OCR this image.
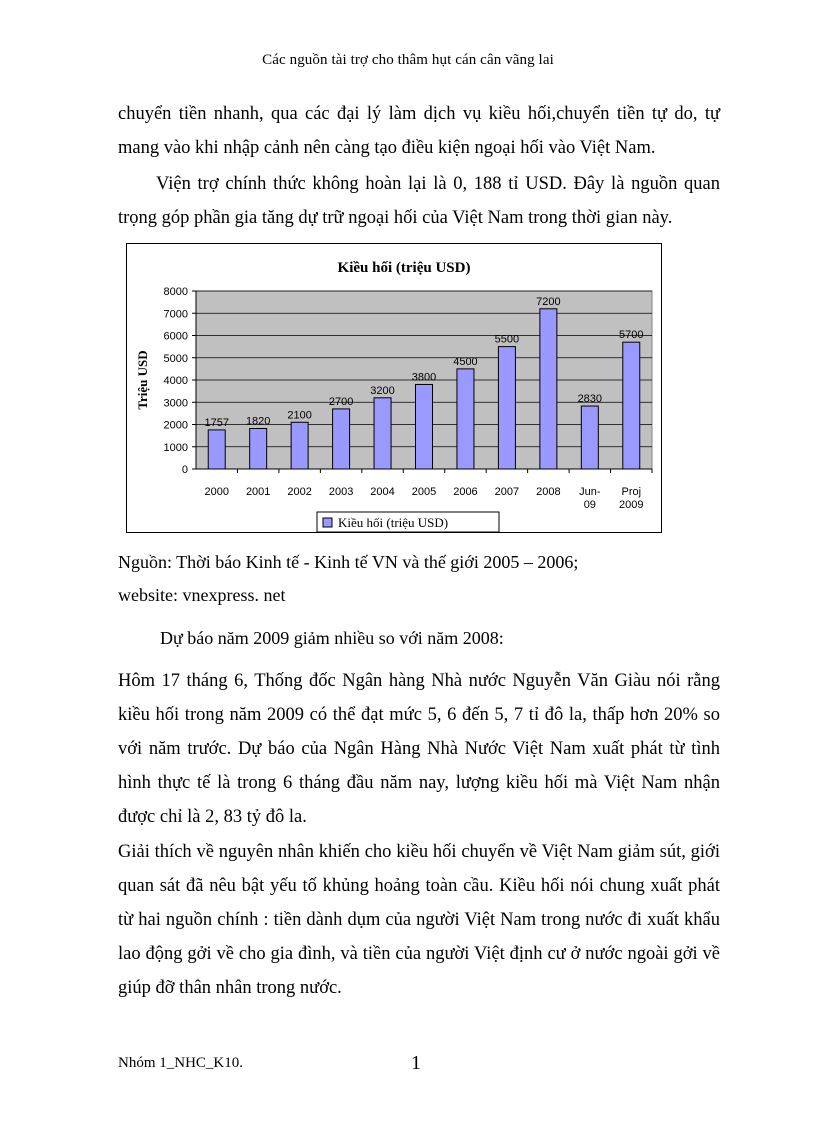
Các nguồn tài trợ cho thâm hụt cán cân vãng lai

chuyển tiền nhanh, qua các đại lý làm dịch vụ kiều hối,chuyển tiền tự do, tự mang vào khi nhập cảnh nên càng tạo điều kiện ngoại hối vào Việt Nam.

Viện trợ chính thức không hoàn lại là 0, 188 tỉ USD. Đây là nguồn quan trọng góp phần gia tăng dự trữ ngoại hối của Việt Nam trong thời gian này.

Kiều hối (triệu USD)
0
1000
2000
3000
4000
5000
6000
7000
8000
Triệu USD
1757
2000
1820
2001
2100
2002
2700
2003
3200
2004
3800
2005
4500
2006
5500
2007
7200
2008
2830
Jun-
09
5700
Proj
2009
Kiều hối (triệu USD)
Nguồn: Thời báo Kinh tế - Kinh tế VN và thế giới 2005 – 2006;
website: vnexpress. net
Dự báo năm 2009 giảm nhiều so với năm 2008:

Hôm 17 tháng 6, Thống đốc Ngân hàng Nhà nước Nguyễn Văn Giàu nói rằng kiều hối trong năm 2009 có thể đạt mức 5, 6 đến 5, 7 tỉ đô la, thấp hơn 20% so với năm trước. Dự báo của Ngân Hàng Nhà Nước Việt Nam xuất phát từ tình hình thực tế là trong 6 tháng đầu năm nay, lượng kiều hối mà Việt Nam nhận được chỉ là 2, 83 tỷ đô la.

Giải thích về nguyên nhân khiến cho kiều hối chuyển về Việt Nam giảm sút, giới quan sát đã nêu bật yếu tố khủng hoảng toàn cầu. Kiều hối nói chung xuất phát từ hai nguồn chính : tiền dành dụm của người Việt Nam trong nước đi xuất khẩu lao động gởi về cho gia đình, và tiền của người Việt định cư ở nước ngoài gởi về giúp đỡ thân nhân trong nước.

Nhóm 1_NHC_K10.	1
